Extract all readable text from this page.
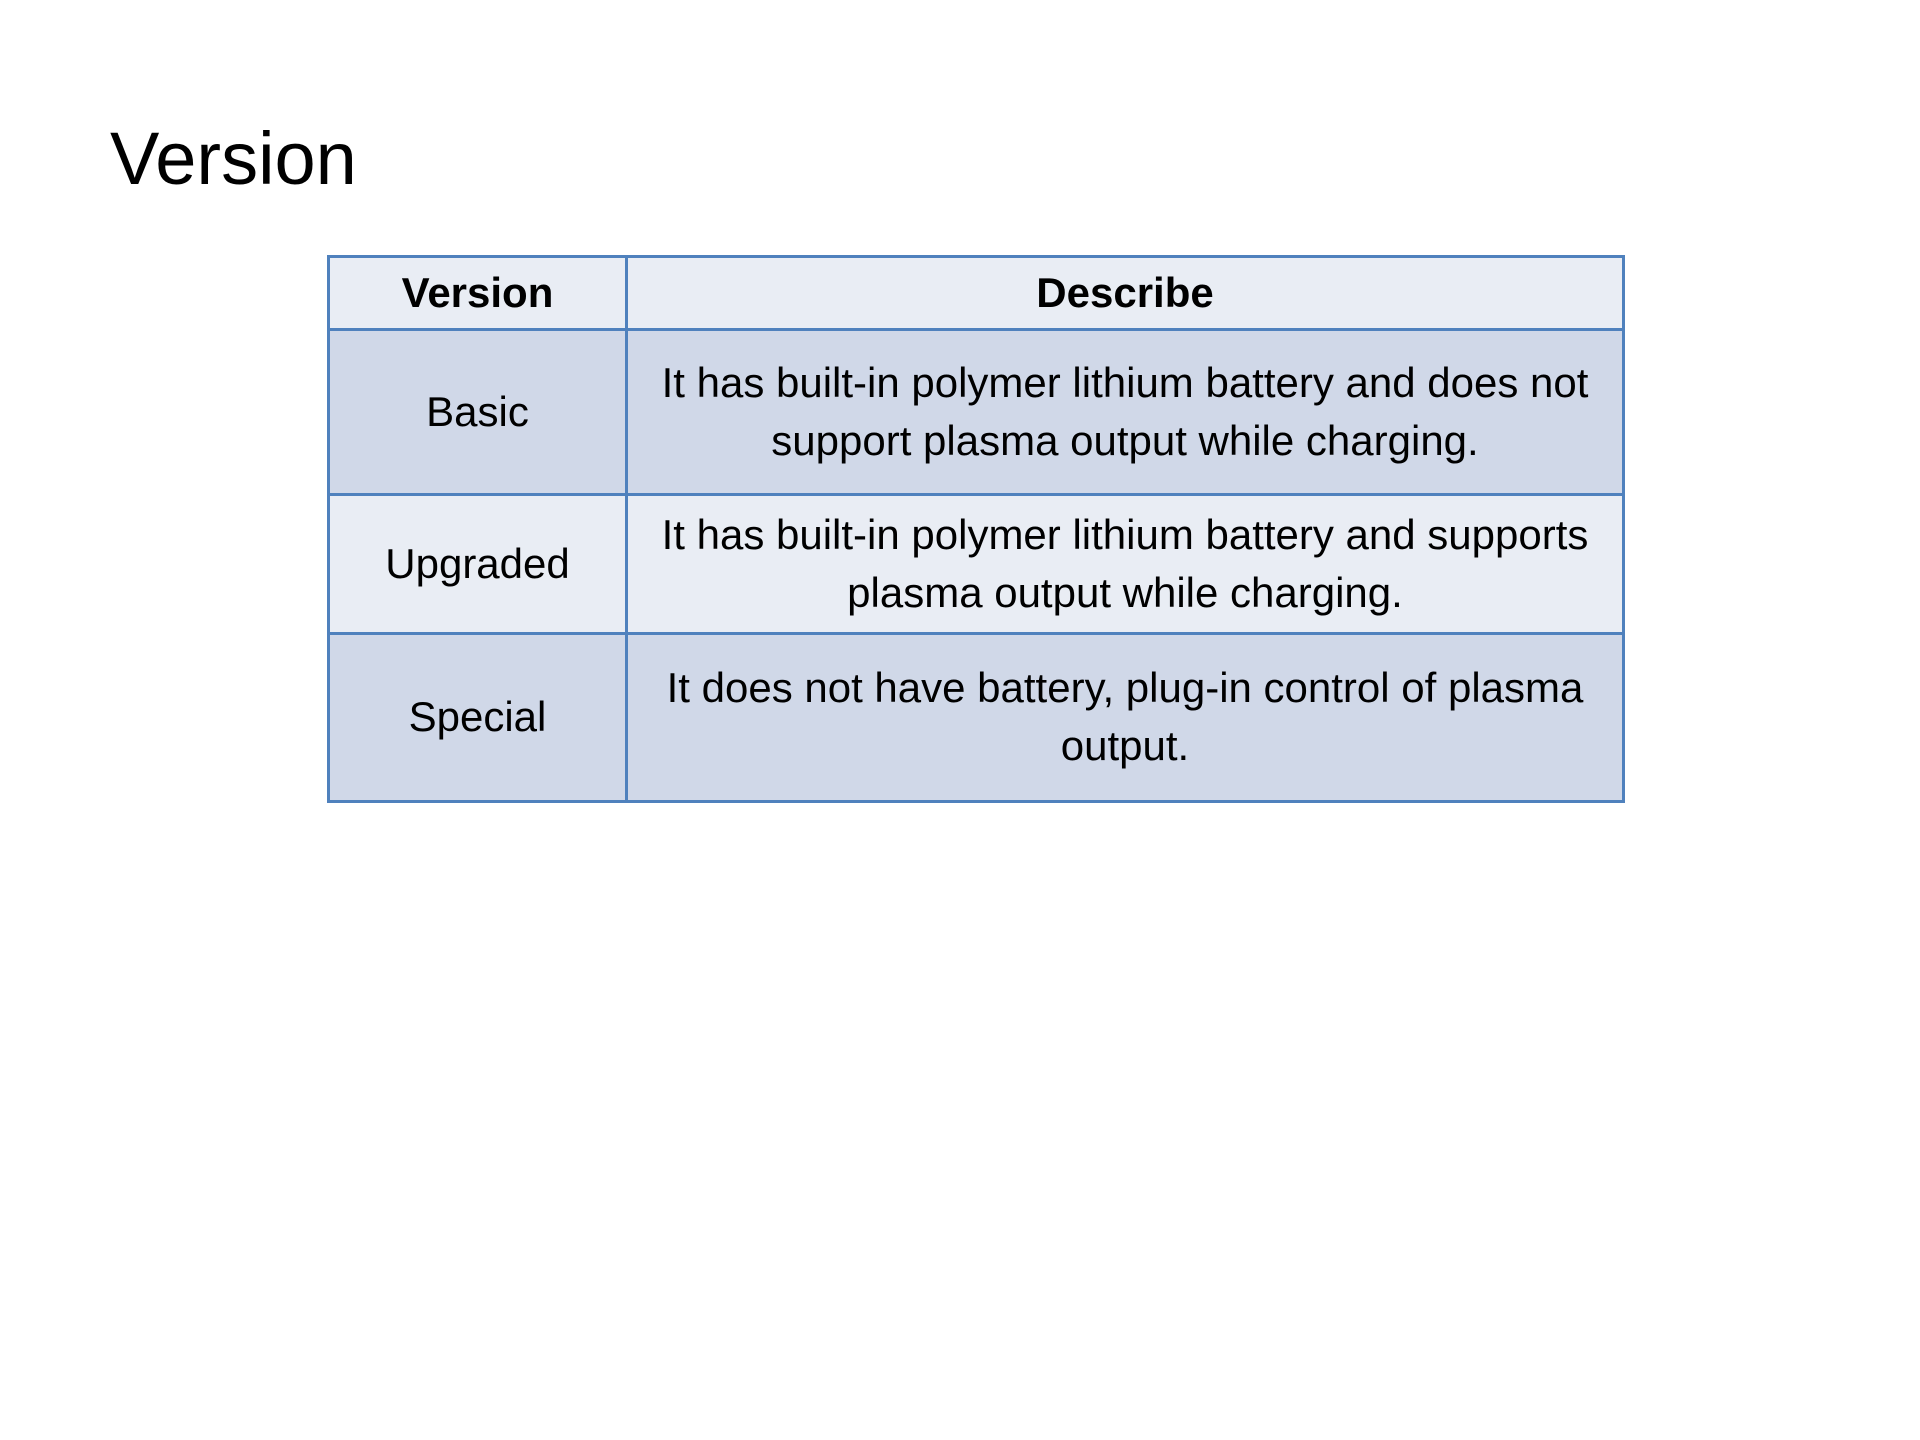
Version
Version	Describe
Basic	It has built-in polymer lithium battery and does not support plasma output while charging.
Upgraded	It has built-in polymer lithium battery and supports plasma output while charging.
Special	It does not have battery, plug-in control of plasma output.
